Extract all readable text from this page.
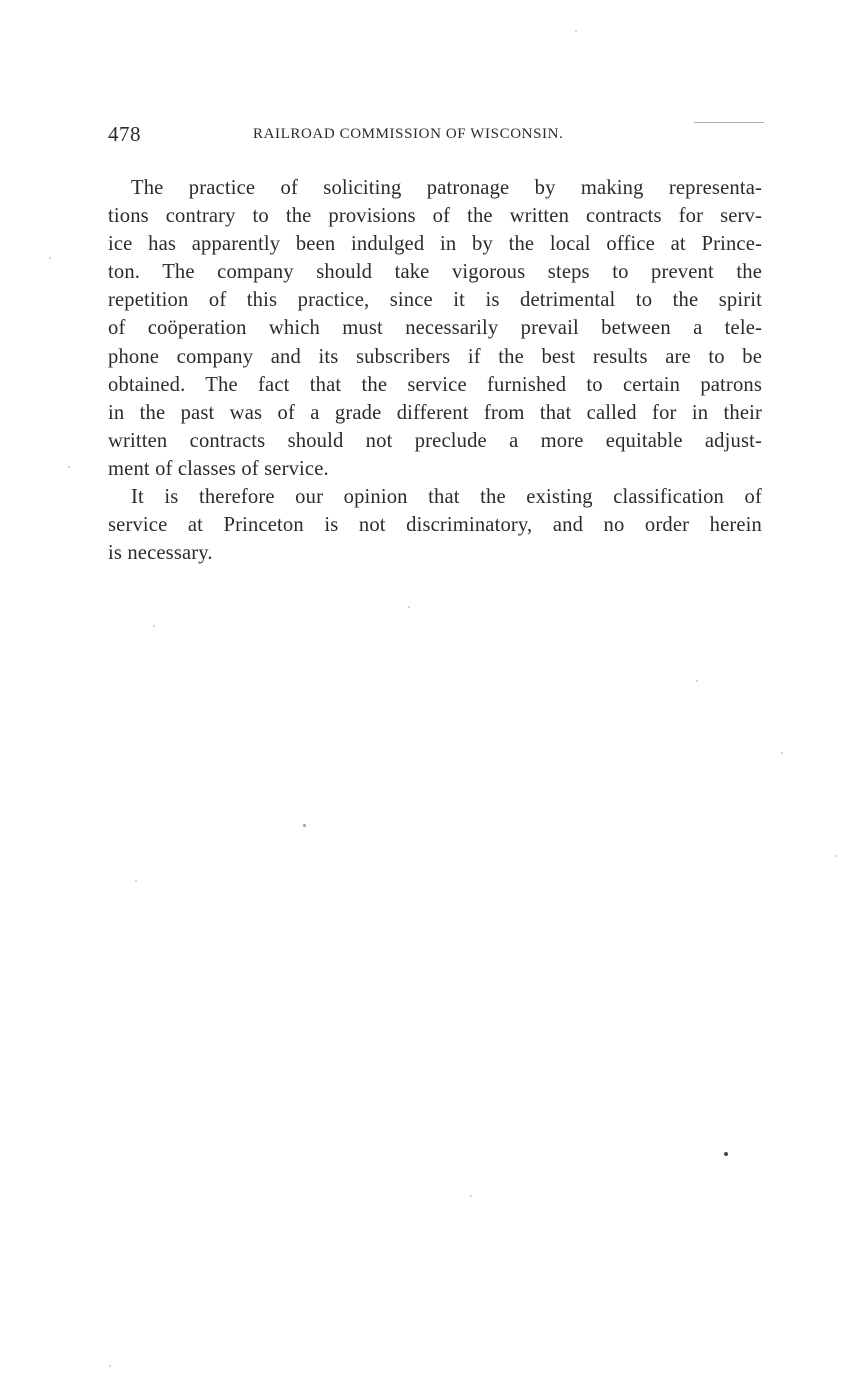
478	RAILROAD COMMISSION OF WISCONSIN.
The practice of soliciting patronage by making representa-
tions contrary to the provisions of the written contracts for serv-
ice has apparently been indulged in by the local office at Prince-
ton. The company should take vigorous steps to prevent the
repetition of this practice, since it is detrimental to the spirit
of coöperation which must necessarily prevail between a tele-
phone company and its subscribers if the best results are to be
obtained. The fact that the service furnished to certain patrons
in the past was of a grade different from that called for in their
written contracts should not preclude a more equitable adjust-
ment of classes of service.
It is therefore our opinion that the existing classification of
service at Princeton is not discriminatory, and no order herein
is necessary.
